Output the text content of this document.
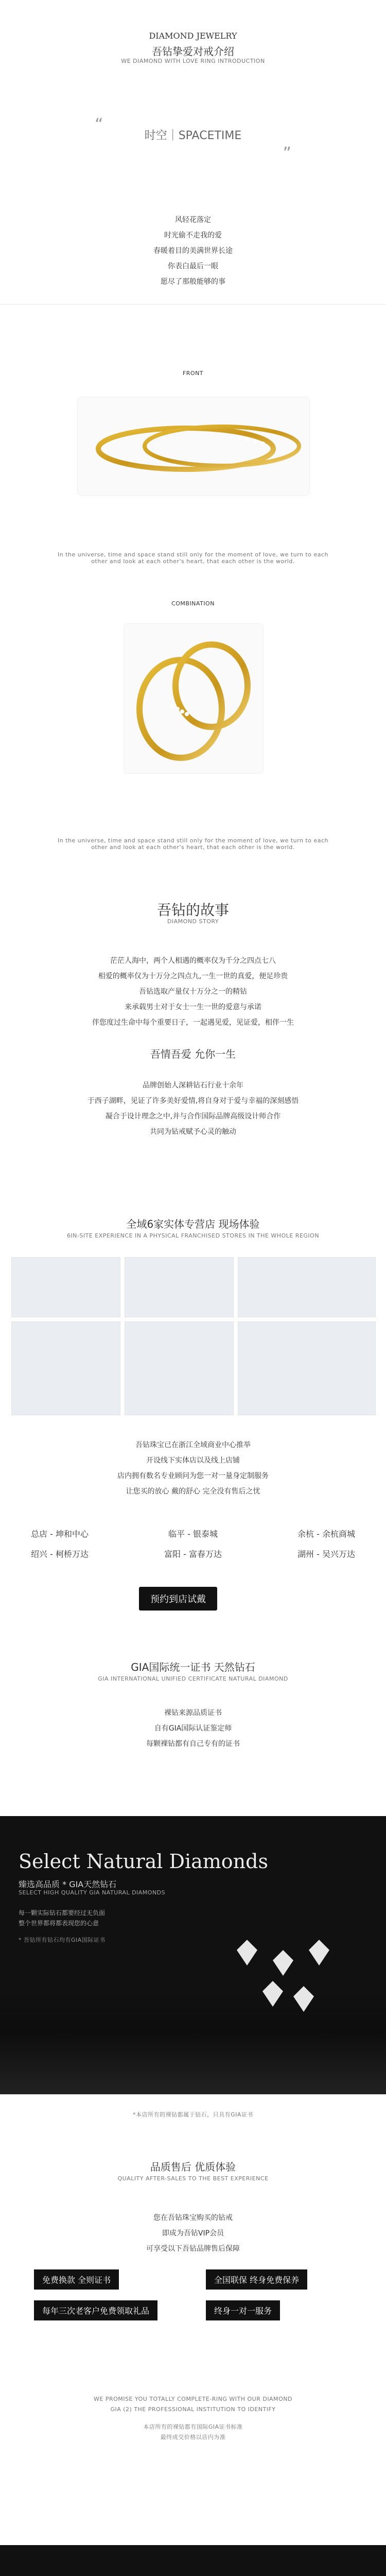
DIAMOND JEWELRY
吾钻挚爱对戒介绍
WE DIAMOND WITH LOVE RING INTRODUCTION
“
”
时空｜SPACETIME
风轻花落定
时光偷不走我的爱
春暖着目的美满世界长途
你表白最后一眼
愿尽了那般能够的事
FRONT
In the universe, time and space stand still only for the moment of love, we turn to each other and look at each other's heart, that each other is the world.
COMBINATION
In the universe, time and space stand still only for the moment of love, we turn to each other and look at each other's heart, that each other is the world.
吾钻的故事
DIAMOND STORY
茫茫人海中，两个人相遇的概率仅为千分之四点七八
相爱的概率仅为十万分之四点九,一生一世的真爱，便足珍贵
吾钻选取产量仅十万分之一的精钻
来承载男士对于女士一生一世的爱意与承诺
伴您度过生命中每个重要日子，一起遇见爱，见证爱，相伴一生
吾情吾爱 允你一生
品牌创始人深耕钻石行业十余年
于西子湖畔，见证了许多美好爱情,将自身对于爱与幸福的深刻感悟
凝合于设计理念之中,并与合作国际品牌高级设计师合作
共同为钻戒赋予心灵的触动
全域6家实体专营店 现场体验
6IN-SITE EXPERIENCE IN A PHYSICAL FRANCHISED STORES IN THE WHOLE REGION
吾钻珠宝已在浙江全域商业中心推举
开设线下实体店以及线上店铺
店内拥有数名专业顾问为您一对一量身定制服务
让您买的放心 戴的舒心 完全没有售后之忧
总店 - 坤和中心	临平 - 银泰城	余杭 - 余杭商城
绍兴 - 柯桥万达	富阳 - 富春万达	湖州 - 吴兴万达
预约到店试戴
GIA国际统一证书 天然钻石
GIA INTERNATIONAL UNIFIED CERTIFICATE NATURAL DIAMOND
裸钻来源品质证书
自有GIA国际认证鉴定师
每颗裸钻都有自己专有的证书
Select Natural Diamonds
臻选高品质 * GIA天然钻石
SELECT HIGH QUALITY GIA NATURAL DIAMONDS
每一颗实际钻石都要经过无负面
整个世界都将都表现您的心意
* 吾钻所有钻石均有GIA国际证书
*本店所有的裸钻都属于钻石，只具有GIA证书
品质售后 优质体验
QUALITY AFTER-SALES TO THE BEST EXPERIENCE
您在吾钻珠宝购买的钻戒
即成为吾钻VIP会员
可享受以下吾钻品牌售后保障
免费换款 全则证书	全国联保 终身免费保养
每年三次老客户免费领取礼品	终身一对一服务
WE PROMISE YOU TOTALLY COMPLETE-RING WITH OUR DIAMOND
GIA (2) THE PROFESSIONAL INSTITUTION TO IDENTIFY
本店所有的裸钻都有国际GIA证书标准
最终成交价格以店内为准
